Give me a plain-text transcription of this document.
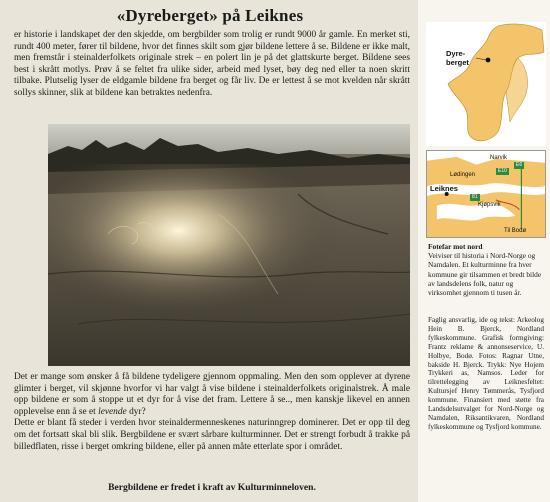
«Dyreberget» på Leiknes

er historie i landskapet der den skjedde, om bergbilder som trolig er rundt 9000 år gamle. En merket sti, rundt 400 meter, fører til bildene, hvor det finnes skilt som gjør bildene lettere å se. Bildene er ikke malt, men fremstår i steinalderfolkets originale strek – en polert lin je på det glattskurte berget. Bildene sees best i skrått motlys. Prøv å se feltet fra ulike sider, arbeid med lyset, bøy deg ned eller ta noen skritt tilbake. Plutselig lyser de eldgamle bildene fra berget og får liv. De er lettest å se mot kvelden når skrått sollys skinner, slik at bildene kan betraktes nedenfra.

Det er mange som ønsker å få bildene tydeligere gjennom oppmaling. Men den som opplever at dyrene glimter i berget, vil skjønne hvorfor vi har valgt å vise bildene i steinalderfolkets originalstrek. Å male opp bildene er som å stoppe ut et dyr for å vise det fram. Lettere å se.., men kanskje likevel en annen opplevelse enn å se et levende dyr?

Dette er blant få steder i verden hvor steinaldermenneskenes naturinngrep dominerer. Det er opp til deg om det fortsatt skal bli slik. Bergbildene er svært sårbare kulturminner. Det er strengt forbudt å trakke på billedflaten, risse i berget omkring bildene, eller på annen måte etterlate spor i området.

Bergbildene er fredet i kraft av Kulturminneloven.

Dyre-
berget
Narvik
Lødingen
Leiknes
Kjøpsvik
Til Bodø
E6
E10
81
Fotefar mot nord
Veiviser til historia i Nord-Norge og Namdalen. Et kulturminne fra hver kommune gir tilsammen et bredt bilde av landsdelens folk, natur og virksomhet gjennom ti tusen år.
Faglig ansvarlig, ide og tekst: Arkeolog Hein B. Bjerck, Nordland fylkeskommune. Grafisk formgiving: Frantz reklame & annonseservice, U. Holbye, Bodø. Fotos: Ragnar Utne, bakside H. Bjerck. Trykk: Nye Hojem Trykkeri as, Namsos. Leder for tilrettelegging av Leiknesfeltet: Kultursjef Henry Tømmerås, Tysfjord kommune. Finansiert med støtte fra Landsdelsutvalget for Nord-Norge og Namdalen, Riksantikvaren, Nordland fylkeskommune og Tysfjord kommune.
